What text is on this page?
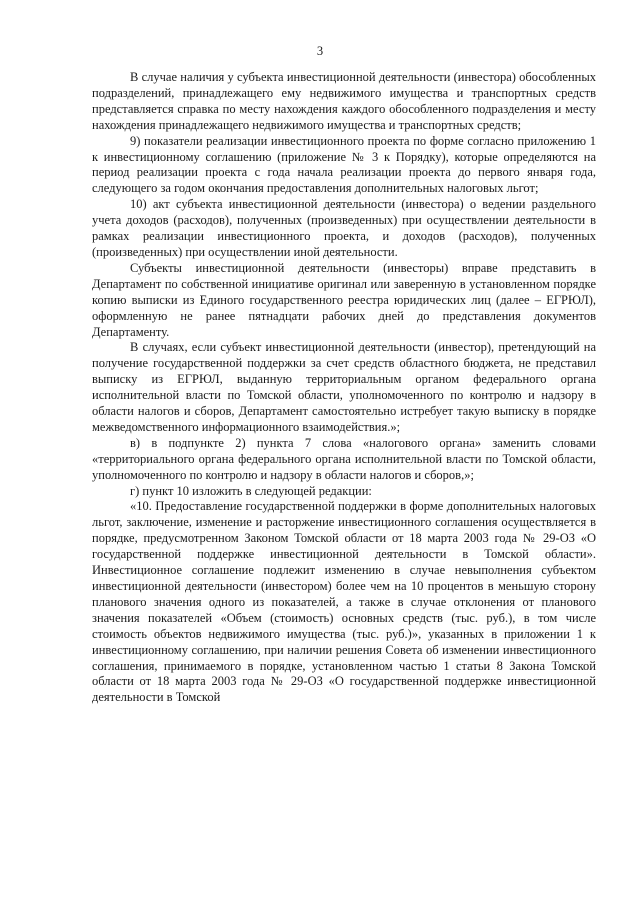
3

В случае наличия у субъекта инвестиционной деятельности (инвестора) обособленных подразделений, принадлежащего ему недвижимого имущества и транспортных средств представляется справка по месту нахождения каждого обособленного подразделения и месту нахождения принадлежащего недвижимого имущества и транспортных средств;

9) показатели реализации инвестиционного проекта по форме согласно приложению 1 к инвестиционному соглашению (приложение № 3 к Порядку), которые определяются на период реализации проекта с года начала реализации проекта до первого января года, следующего за годом окончания предоставления дополнительных налоговых льгот;

10) акт субъекта инвестиционной деятельности (инвестора) о ведении раздельного учета доходов (расходов), полученных (произведенных) при осуществлении деятельности в рамках реализации инвестиционного проекта, и доходов (расходов), полученных (произведенных) при осуществлении иной деятельности.

Субъекты инвестиционной деятельности (инвесторы) вправе представить в Департамент по собственной инициативе оригинал или заверенную в установленном порядке копию выписки из Единого государственного реестра юридических лиц (далее – ЕГРЮЛ), оформленную не ранее пятнадцати рабочих дней до представления документов Департаменту.

В случаях, если субъект инвестиционной деятельности (инвестор), претендующий на получение государственной поддержки за счет средств областного бюджета, не представил выписку из ЕГРЮЛ, выданную территориальным органом федерального органа исполнительной власти по Томской области, уполномоченного по контролю и надзору в области налогов и сборов, Департамент самостоятельно истребует такую выписку в порядке межведомственного информационного взаимодействия.»;

в) в подпункте 2) пункта 7 слова «налогового органа» заменить словами «территориального органа федерального органа исполнительной власти по Томской области, уполномоченного по контролю и надзору в области налогов и сборов,»;

г) пункт 10 изложить в следующей редакции:

«10. Предоставление государственной поддержки в форме дополнительных налоговых льгот, заключение, изменение и расторжение инвестиционного соглашения осуществляется в порядке, предусмотренном Законом Томской области от 18 марта 2003 года № 29-ОЗ «О государственной поддержке инвестиционной деятельности в Томской области». Инвестиционное соглашение подлежит изменению в случае невыполнения субъектом инвестиционной деятельности (инвестором) более чем на 10 процентов в меньшую сторону планового значения одного из показателей, а также в случае отклонения от планового значения показателей «Объем (стоимость) основных средств (тыс. руб.), в том числе стоимость объектов недвижимого имущества (тыс. руб.)», указанных в приложении 1 к инвестиционному соглашению, при наличии решения Совета об изменении инвестиционного соглашения, принимаемого в порядке, установленном частью 1 статьи 8 Закона Томской области от 18 марта 2003 года № 29-ОЗ «О государственной поддержке инвестиционной деятельности в Томской
